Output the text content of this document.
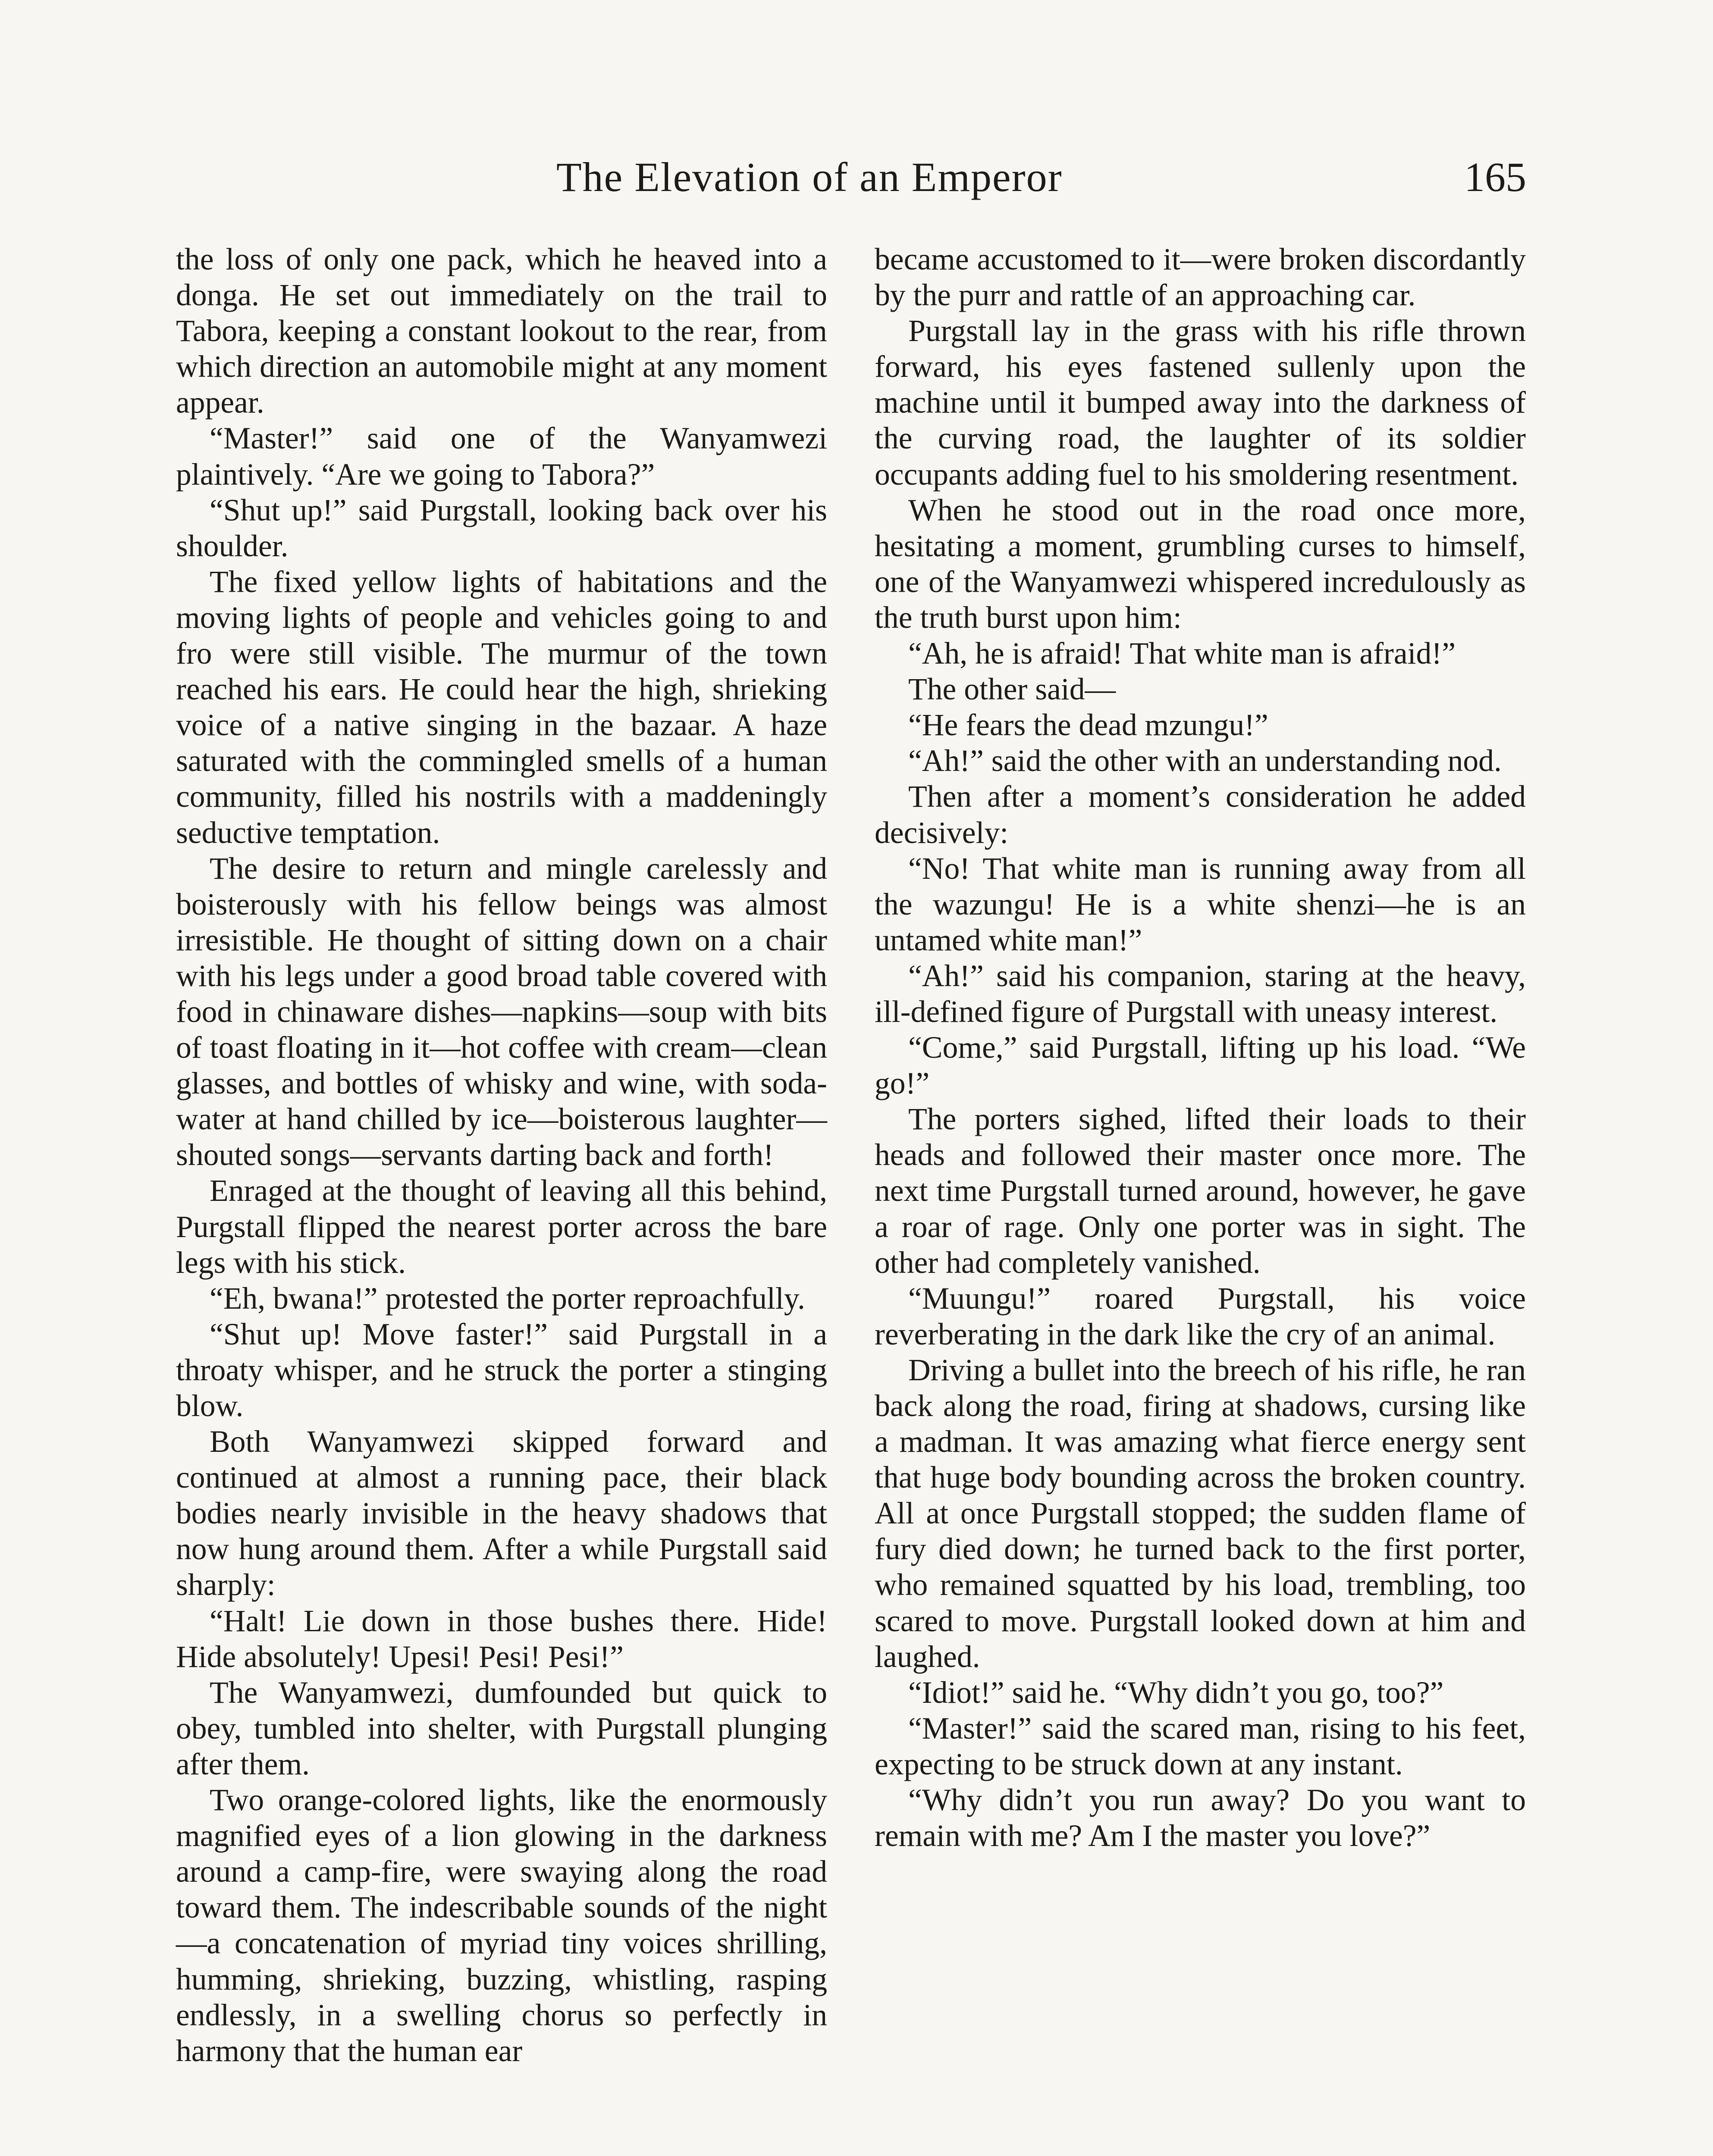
The Elevation of an Emperor	165

the loss of only one pack, which he heaved into a donga. He set out immediately on the trail to Tabora, keeping a constant lookout to the rear, from which direction an automobile might at any moment appear.

“Master!” said one of the Wanyamwezi plaintively. “Are we going to Tabora?”

“Shut up!” said Purgstall, looking back over his shoulder.

The fixed yellow lights of habitations and the moving lights of people and vehicles going to and fro were still visible. The murmur of the town reached his ears. He could hear the high, shrieking voice of a native singing in the bazaar. A haze saturated with the commingled smells of a human community, filled his nostrils with a maddeningly seductive temptation.

The desire to return and mingle carelessly and boisterously with his fellow beings was almost irresistible. He thought of sitting down on a chair with his legs under a good broad table covered with food in chinaware dishes—napkins—soup with bits of toast floating in it—hot coffee with cream—clean glasses, and bottles of whisky and wine, with soda-water at hand chilled by ice—boisterous laughter—shouted songs—servants darting back and forth!

Enraged at the thought of leaving all this behind, Purgstall flipped the nearest porter across the bare legs with his stick.

“Eh, bwana!” protested the porter reproachfully.

“Shut up! Move faster!” said Purgstall in a throaty whisper, and he struck the porter a stinging blow.

Both Wanyamwezi skipped forward and continued at almost a running pace, their black bodies nearly invisible in the heavy shadows that now hung around them. After a while Purgstall said sharply:

“Halt! Lie down in those bushes there. Hide! Hide absolutely! Upesi! Pesi! Pesi!”

The Wanyamwezi, dumfounded but quick to obey, tumbled into shelter, with Purgstall plunging after them.

Two orange-colored lights, like the enormously magnified eyes of a lion glowing in the darkness around a camp-fire, were swaying along the road toward them. The indescribable sounds of the night—a concatenation of myriad tiny voices shrilling, humming, shrieking, buzzing, whistling, rasping endlessly, in a swelling chorus so perfectly in harmony that the human ear

became accustomed to it—were broken discordantly by the purr and rattle of an approaching car.

Purgstall lay in the grass with his rifle thrown forward, his eyes fastened sullenly upon the machine until it bumped away into the darkness of the curving road, the laughter of its soldier occupants adding fuel to his smoldering resentment.

When he stood out in the road once more, hesitating a moment, grumbling curses to himself, one of the Wanyamwezi whispered incredulously as the truth burst upon him:

“Ah, he is afraid! That white man is afraid!”

The other said—

“He fears the dead mzungu!”

“Ah!” said the other with an understanding nod.

Then after a moment’s consideration he added decisively:

“No! That white man is running away from all the wazungu! He is a white shenzi—he is an untamed white man!”

“Ah!” said his companion, staring at the heavy, ill-defined figure of Purgstall with uneasy interest.

“Come,” said Purgstall, lifting up his load. “We go!”

The porters sighed, lifted their loads to their heads and followed their master once more. The next time Purgstall turned around, however, he gave a roar of rage. Only one porter was in sight. The other had completely vanished.

“Muungu!” roared Purgstall, his voice reverberating in the dark like the cry of an animal.

Driving a bullet into the breech of his rifle, he ran back along the road, firing at shadows, cursing like a madman. It was amazing what fierce energy sent that huge body bounding across the broken country. All at once Purgstall stopped; the sudden flame of fury died down; he turned back to the first porter, who remained squatted by his load, trembling, too scared to move. Purgstall looked down at him and laughed.

“Idiot!” said he. “Why didn’t you go, too?”

“Master!” said the scared man, rising to his feet, expecting to be struck down at any instant.

“Why didn’t you run away? Do you want to remain with me? Am I the master you love?”
